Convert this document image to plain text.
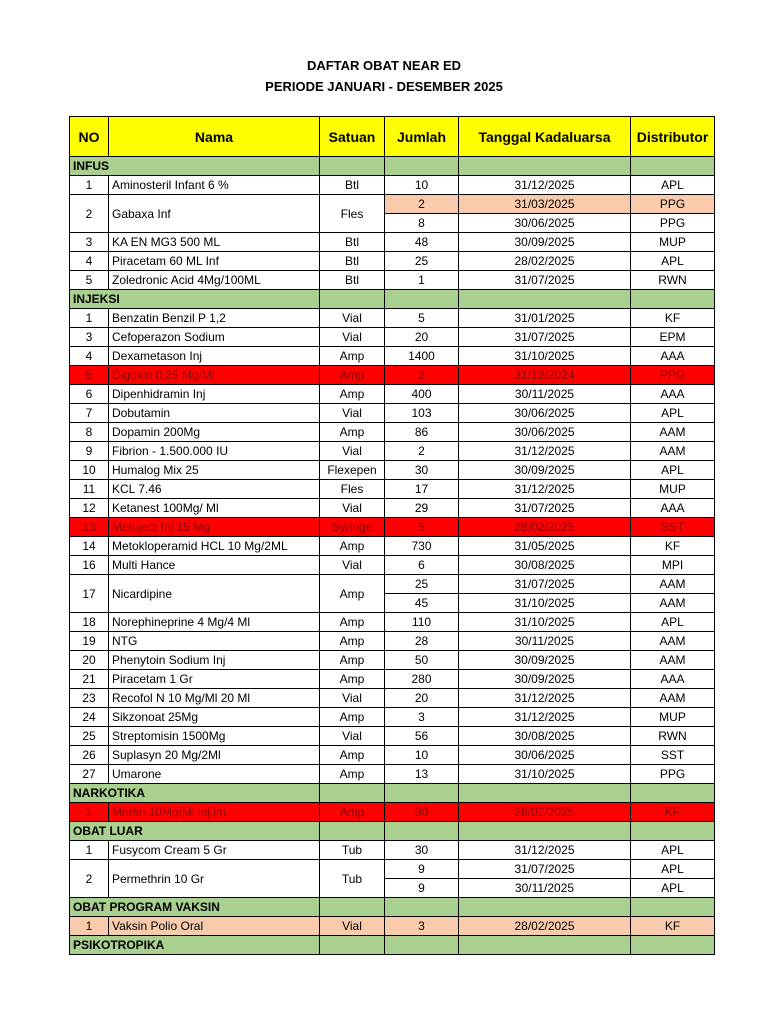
DAFTAR OBAT NEAR ED
PERIODE JANUARI - DESEMBER 2025
NO	Nama	Satuan	Jumlah	Tanggal Kadaluarsa	Distributor
INFUS					
1	Aminosteril Infant 6 %	Btl	10	31/12/2025	APL
2	Gabaxa Inf	Fles	2	31/03/2025	PPG
			8	30/06/2025	PPG
3	KA EN MG3 500 ML	Btl	48	30/09/2025	MUP
4	Piracetam 60 ML Inf	Btl	25	28/02/2025	APL
5	Zoledronic Acid 4Mg/100ML	Btl	1	31/07/2025	RWN
INJEKSI					
1	Benzatin Benzil P 1,2	Vial	5	31/01/2025	KF
3	Cefoperazon Sodium	Vial	20	31/07/2025	EPM
4	Dexametason Inj	Amp	1400	31/10/2025	AAA
5	Digoxin 0,25 Mg/Ml	Amp	2	31/12/2024	PPG
6	Dipenhidramin Inj	Amp	400	30/11/2025	AAA
7	Dobutamin	Vial	103	30/06/2025	APL
8	Dopamin 200Mg	Amp	86	30/06/2025	AAM
9	Fibrion - 1.500.000 IU	Vial	2	31/12/2025	AAM
10	Humalog Mix 25	Flexepen	30	30/09/2025	APL
11	KCL 7.46	Fles	17	31/12/2025	MUP
12	Ketanest 100Mg/ Ml	Vial	29	31/07/2025	AAA
13	Metoject Inj 15 Mg	Syringe	5	28/02/2025	SST
14	Metokloperamid HCL 10 Mg/2ML	Amp	730	31/05/2025	KF
16	Multi Hance	Vial	6	30/08/2025	MPI
17	Nicardipine	Amp	25	31/07/2025	AAM
			45	31/10/2025	AAM
18	Norephineprine 4 Mg/4 Ml	Amp	110	31/10/2025	APL
19	NTG	Amp	28	30/11/2025	AAM
20	Phenytoin Sodium Inj	Amp	50	30/09/2025	AAM
21	Piracetam 1 Gr	Amp	280	30/09/2025	AAA
23	Recofol N 10 Mg/Ml 20 Ml	Vial	20	31/12/2025	AAM
24	Sikzonoat 25Mg	Amp	3	31/12/2025	MUP
25	Streptomisin 1500Mg	Vial	56	30/08/2025	RWN
26	Suplasyn 20 Mg/2Ml	Amp	10	30/06/2025	SST
27	Umarone	Amp	13	31/10/2025	PPG
NARKOTIKA					
1	Morfin 10Mg/Ml inj.im	Amp	30	28/02/2025	KF
OBAT LUAR					
1	Fusycom Cream 5 Gr	Tub	30	31/12/2025	APL
2	Permethrin 10 Gr	Tub	9	31/07/2025	APL
			9	30/11/2025	APL
OBAT PROGRAM VAKSIN					
1	Vaksin Polio Oral	Vial	3	28/02/2025	KF
PSIKOTROPIKA					
